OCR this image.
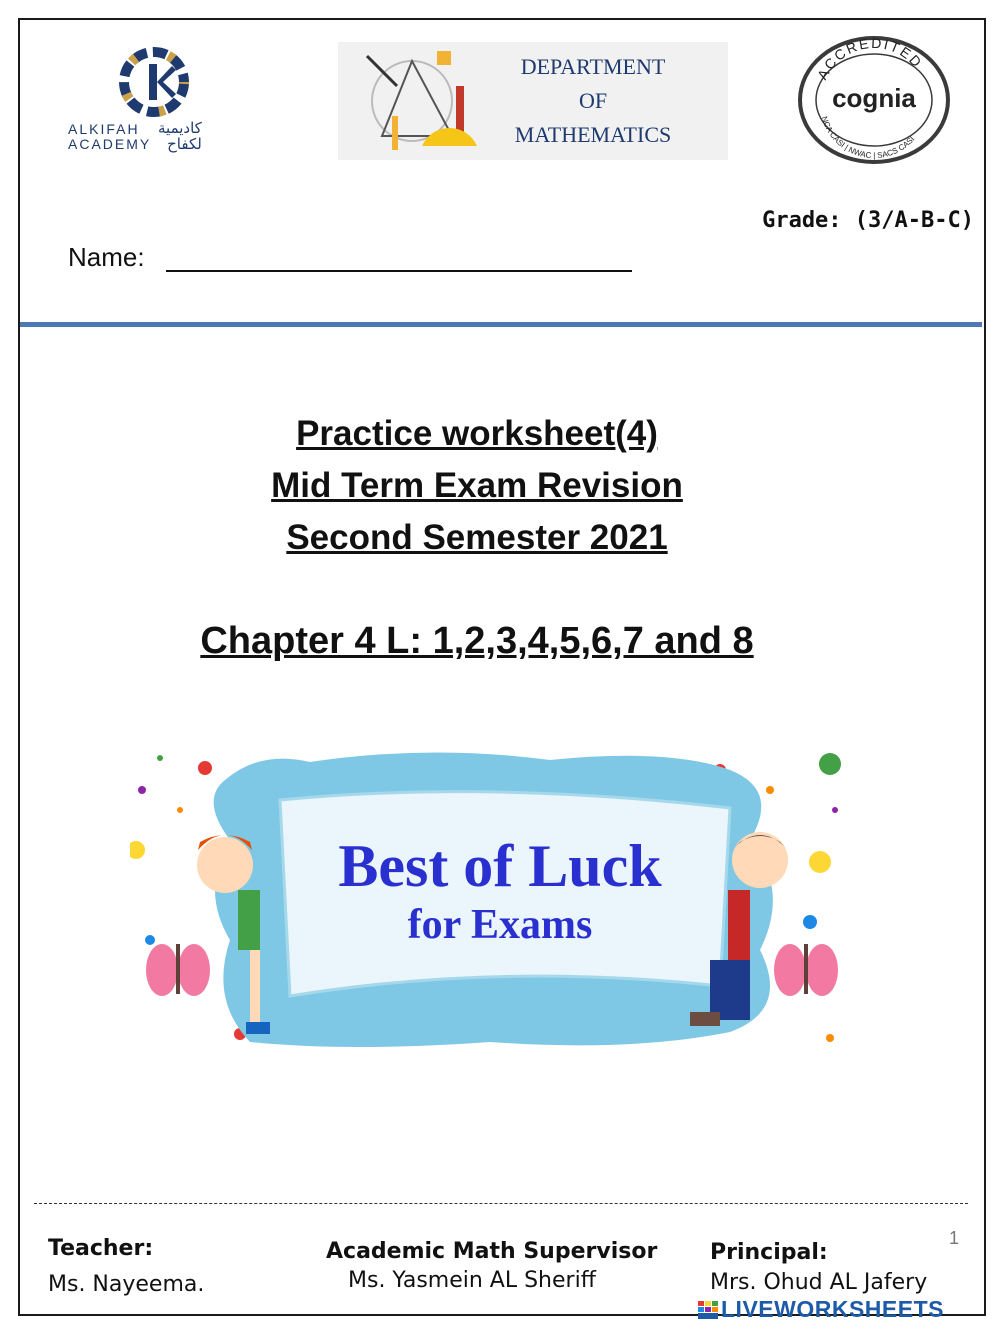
ALKIFAH
ACADEMY
كاديمية
لكفاح
DEPARTMENT
OF
MATHEMATICS
ACCREDITED
cognia
NCA CASI | NWAC | SACS CASI
Grade: (3/A-B-C)
Name:
Practice worksheet(4)
Mid Term Exam Revision
Second Semester 2021
Chapter 4 L: 1,2,3,4,5,6,7 and 8
Best of Luck
for Exams
1
Teacher:
Ms. Nayeema.
Academic Math Supervisor
Ms. Yasmein AL Sheriff
Principal:
Mrs. Ohud AL Jafery
LIVEWORKSHEETS
